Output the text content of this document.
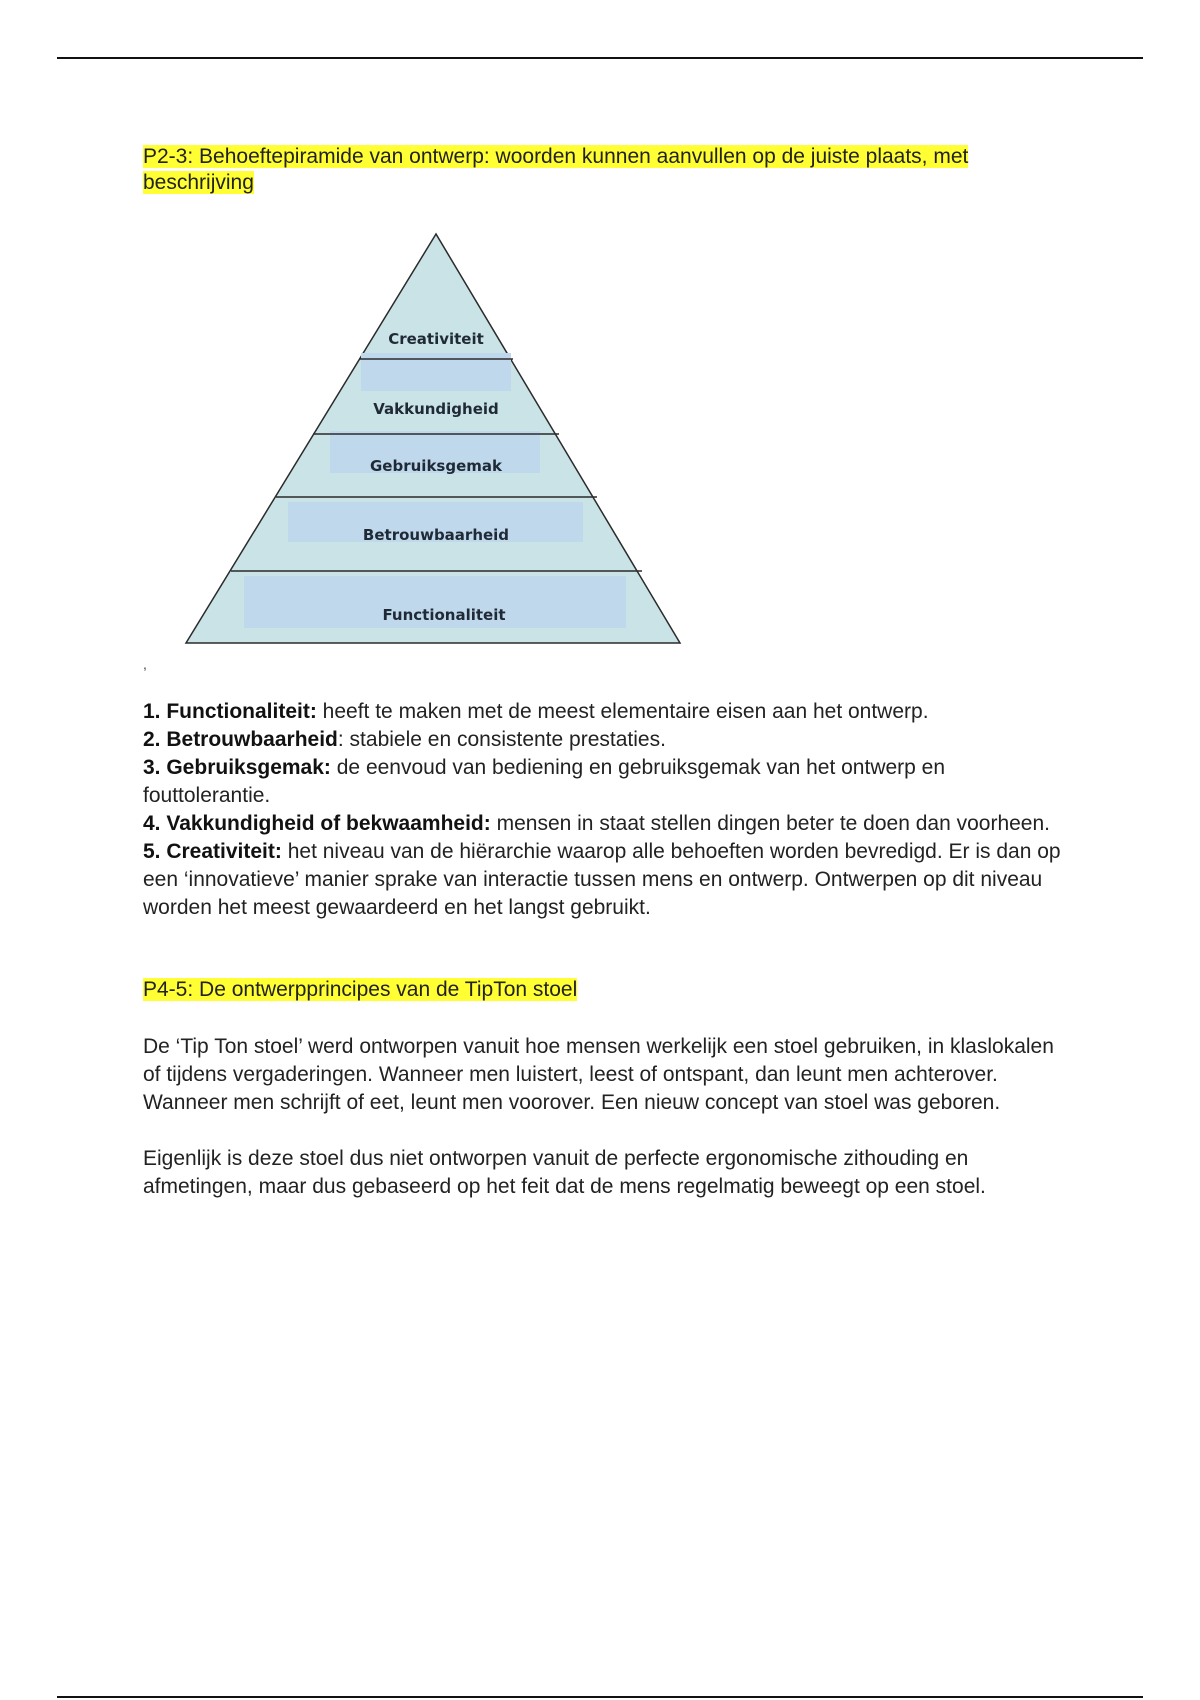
P2-3: Behoeftepiramide van ontwerp: woorden kunnen aanvullen op de juiste plaats, met beschrijving

Creativiteit
Vakkundigheid
Gebruiksgemak
Betrouwbaarheid
Functionaliteit
,

1. Functionaliteit: heeft te maken met de meest elementaire eisen aan het ontwerp.

2. Betrouwbaarheid: stabiele en consistente prestaties.

3. Gebruiksgemak: de eenvoud van bediening en gebruiksgemak van het ontwerp en fouttolerantie.

4. Vakkundigheid of bekwaamheid: mensen in staat stellen dingen beter te doen dan voorheen.

5. Creativiteit: het niveau van de hiërarchie waarop alle behoeften worden bevredigd. Er is dan op een ‘innovatieve’ manier sprake van interactie tussen mens en ontwerp. Ontwerpen op dit niveau worden het meest gewaardeerd en het langst gebruikt.

P4-5: De ontwerpprincipes van de TipTon stoel

De ‘Tip Ton stoel’ werd ontworpen vanuit hoe mensen werkelijk een stoel gebruiken, in klaslokalen of tijdens vergaderingen. Wanneer men luistert, leest of ontspant, dan leunt men achterover. Wanneer men schrijft of eet, leunt men voorover. Een nieuw concept van stoel was geboren.

Eigenlijk is deze stoel dus niet ontworpen vanuit de perfecte ergonomische zithouding en afmetingen, maar dus gebaseerd op het feit dat de mens regelmatig beweegt op een stoel.
